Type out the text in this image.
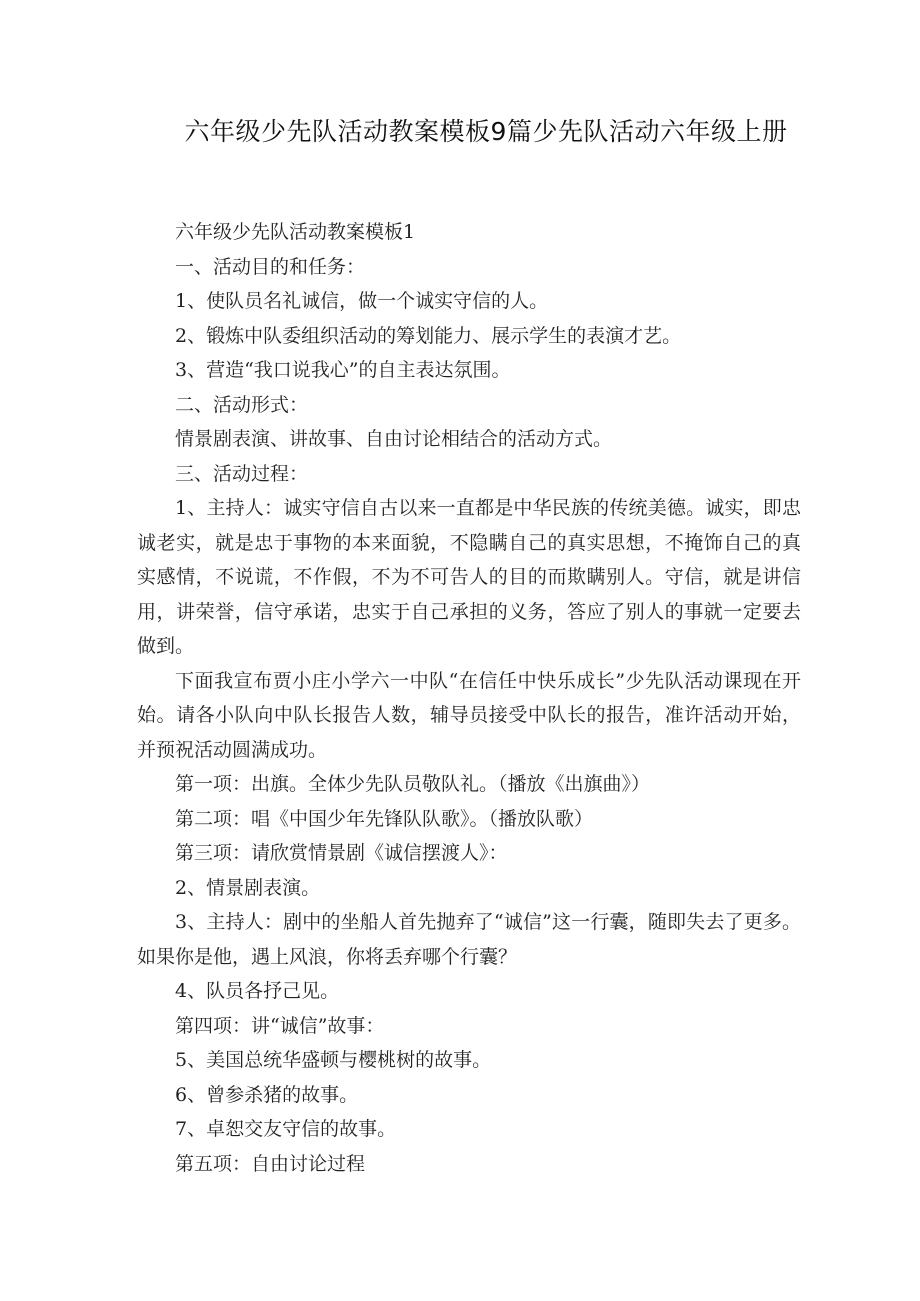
六年级少先队活动教案模板9篇少先队活动六年级上册

六年级少先队活动教案模板1

一、活动目的和任务：

1、使队员名礼诚信，做一个诚实守信的人。

2、锻炼中队委组织活动的筹划能力、展示学生的表演才艺。

3、营造“我口说我心”的自主表达氛围。

二、活动形式：

情景剧表演、讲故事、自由讨论相结合的活动方式。

三、活动过程：

1、主持人：诚实守信自古以来一直都是中华民族的传统美德。诚实，即忠诚老实，就是忠于事物的本来面貌，不隐瞒自己的真实思想，不掩饰自己的真实感情，不说谎，不作假，不为不可告人的目的而欺瞒别人。守信，就是讲信用，讲荣誉，信守承诺，忠实于自己承担的义务，答应了别人的事就一定要去做到。

下面我宣布贾小庄小学六一中队“在信任中快乐成长”少先队活动课现在开始。请各小队向中队长报告人数，辅导员接受中队长的报告，准许活动开始，并预祝活动圆满成功。

第一项：出旗。全体少先队员敬队礼。（播放《出旗曲》）

第二项：唱《中国少年先锋队队歌》。（播放队歌）

第三项：请欣赏情景剧《诚信摆渡人》：

2、情景剧表演。

3、主持人：剧中的坐船人首先抛弃了“诚信”这一行囊，随即失去了更多。如果你是他，遇上风浪，你将丢弃哪个行囊？

4、队员各抒己见。

第四项：讲“诚信”故事：

5、美国总统华盛顿与樱桃树的故事。

6、曾参杀猪的故事。

7、卓恕交友守信的故事。

第五项：自由讨论过程
